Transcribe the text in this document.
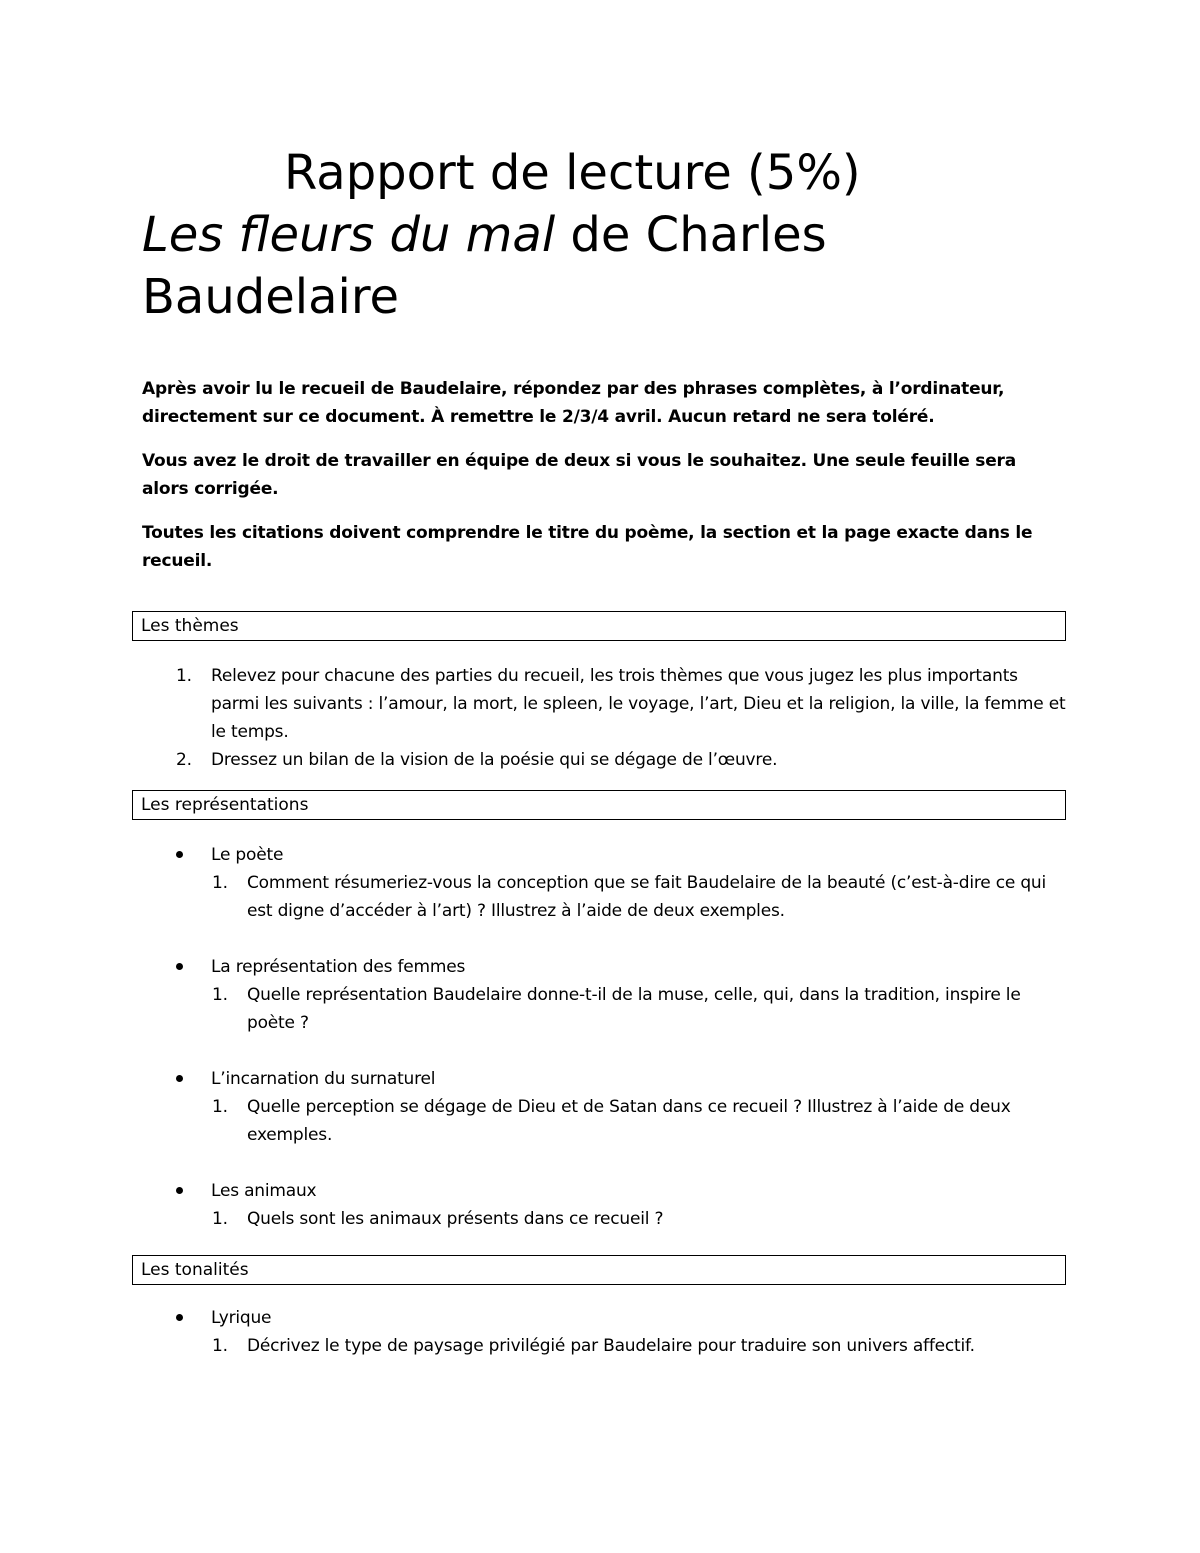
Rapport de lecture (5%)
Les fleurs du mal de Charles
Baudelaire

Après avoir lu le recueil de Baudelaire, répondez par des phrases complètes, à l’ordinateur, directement sur ce document. À remettre le 2/3/4 avril. Aucun retard ne sera toléré.

Vous avez le droit de travailler en équipe de deux si vous le souhaitez. Une seule feuille sera alors corrigée.

Toutes les citations doivent comprendre le titre du poème, la section et la page exacte dans le recueil.

Les thèmes
1. Relevez pour chacune des parties du recueil, les trois thèmes que vous jugez les plus importants parmi les suivants : l’amour, la mort, le spleen, le voyage, l’art, Dieu et la religion, la ville, la femme et le temps.
2. Dressez un bilan de la vision de la poésie qui se dégage de l’œuvre.
Les représentations
Le poète
1. Comment résumeriez-vous la conception que se fait Baudelaire de la beauté (c’est-à-dire ce qui est digne d’accéder à l’art) ? Illustrez à l’aide de deux exemples.
La représentation des femmes
1. Quelle représentation Baudelaire donne-t-il de la muse, celle, qui, dans la tradition, inspire le poète ?
L’incarnation du surnaturel
1. Quelle perception se dégage de Dieu et de Satan dans ce recueil ? Illustrez à l’aide de deux exemples.
Les animaux
1. Quels sont les animaux présents dans ce recueil ?
Les tonalités
Lyrique
1. Décrivez le type de paysage privilégié par Baudelaire pour traduire son univers affectif.
